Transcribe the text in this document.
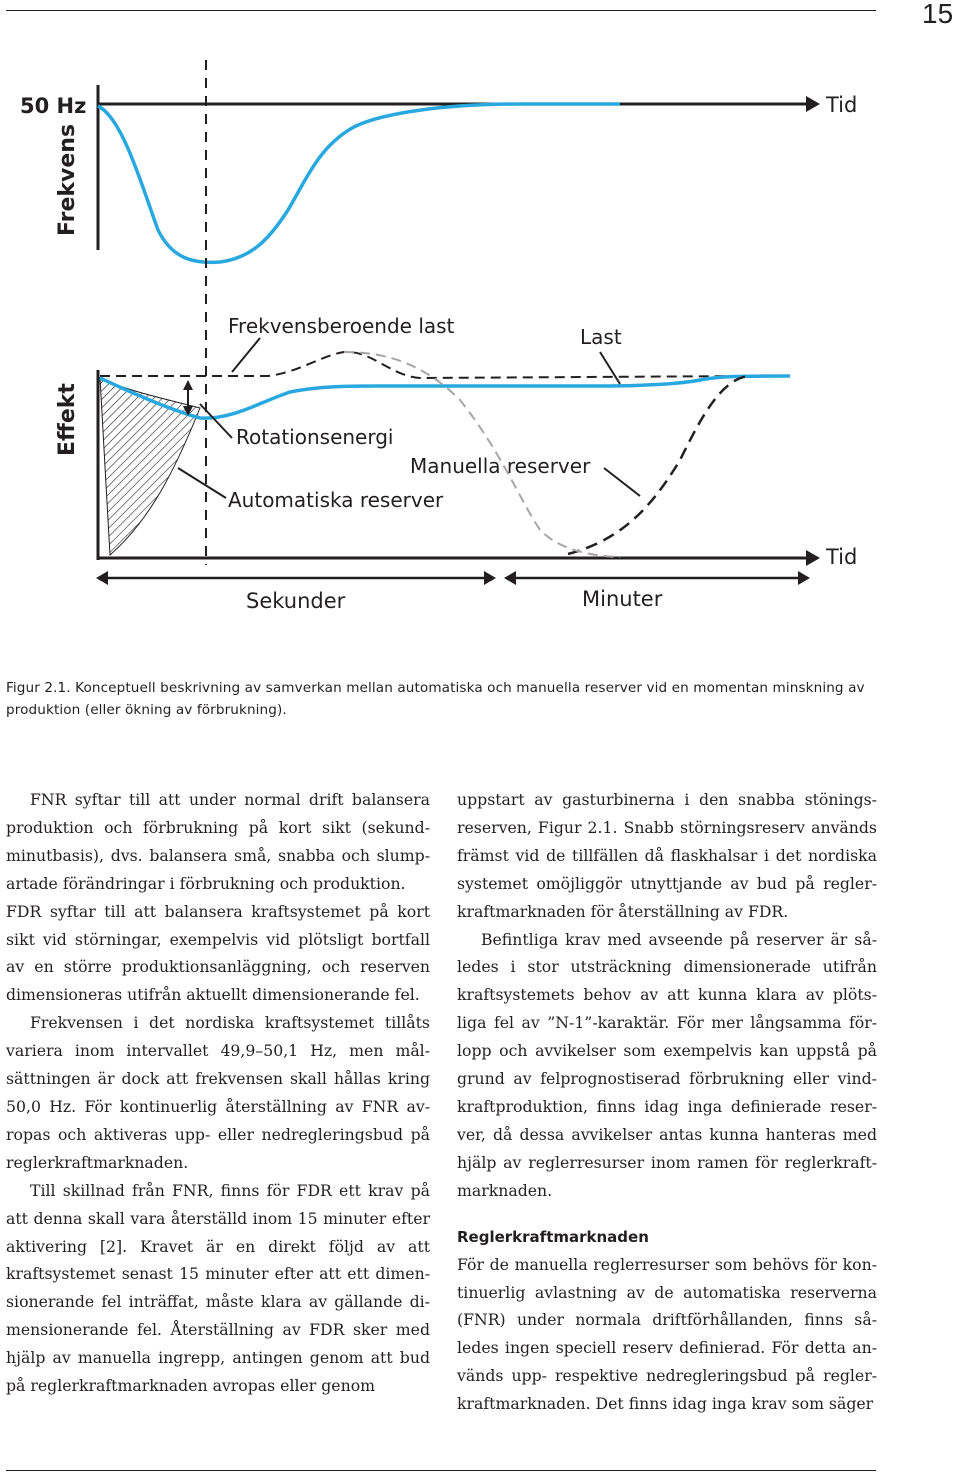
15
Frekvens
50 Hz	Tid
Effekt
Tid
Frekvensberoende last	Last
Rotationsenergi
Manuella reserver
Automatiska reserver
Sekunder	Minuter
Figur 2.1. Konceptuell beskrivning av samverkan mellan automatiska och manuella reserver vid en momentan minskning av produktion (eller ökning av förbrukning).

FNR syftar till att under normal drift balansera produktion och förbrukning på kort sikt (sekund-minutbasis), dvs. balansera små, snabba och slump-artade förändringar i förbrukning och produktion.

FDR syftar till att balansera kraftsystemet på kort sikt vid störningar, exempelvis vid plötsligt bortfall av en större produktionsanläggning, och reserven dimensioneras utifrån aktuellt dimensionerande fel.

Frekvensen i det nordiska kraftsystemet tillåts variera inom intervallet 49,9–50,1 Hz, men mål-sättningen är dock att frekvensen skall hållas kring 50,0 Hz. För kontinuerlig återställning av FNR av-ropas och aktiveras upp- eller nedregleringsbud på reglerkraftmarknaden.

Till skillnad från FNR, finns för FDR ett krav på att denna skall vara återställd inom 15 minuter efter aktivering [2]. Kravet är en direkt följd av att kraftsystemet senast 15 minuter efter att ett dimen-sionerande fel inträffat, måste klara av gällande di-mensionerande fel. Återställning av FDR sker med hjälp av manuella ingrepp, antingen genom att bud på reglerkraftmarknaden avropas eller genom

uppstart av gasturbinerna i den snabba stönings-reserven, Figur 2.1. Snabb störningsreserv används främst vid de tillfällen då flaskhalsar i det nordiska systemet omöjliggör utnyttjande av bud på regler-kraftmarknaden för återställning av FDR.

Befintliga krav med avseende på reserver är så-ledes i stor utsträckning dimensionerade utifrån kraftsystemets behov av att kunna klara av plöts-liga fel av ”N-1”-karaktär. För mer långsamma för-lopp och avvikelser som exempelvis kan uppstå på grund av felprognostiserad förbrukning eller vind-kraftproduktion, finns idag inga definierade reser-ver, då dessa avvikelser antas kunna hanteras med hjälp av reglerresurser inom ramen för reglerkraft-marknaden.

Reglerkraftmarknaden

För de manuella reglerresurser som behövs för kon-tinuerlig avlastning av de automatiska reserverna (FNR) under normala driftförhållanden, finns så-ledes ingen speciell reserv definierad. För detta an-vänds upp- respektive nedregleringsbud på regler-kraftmarknaden. Det finns idag inga krav som säger
